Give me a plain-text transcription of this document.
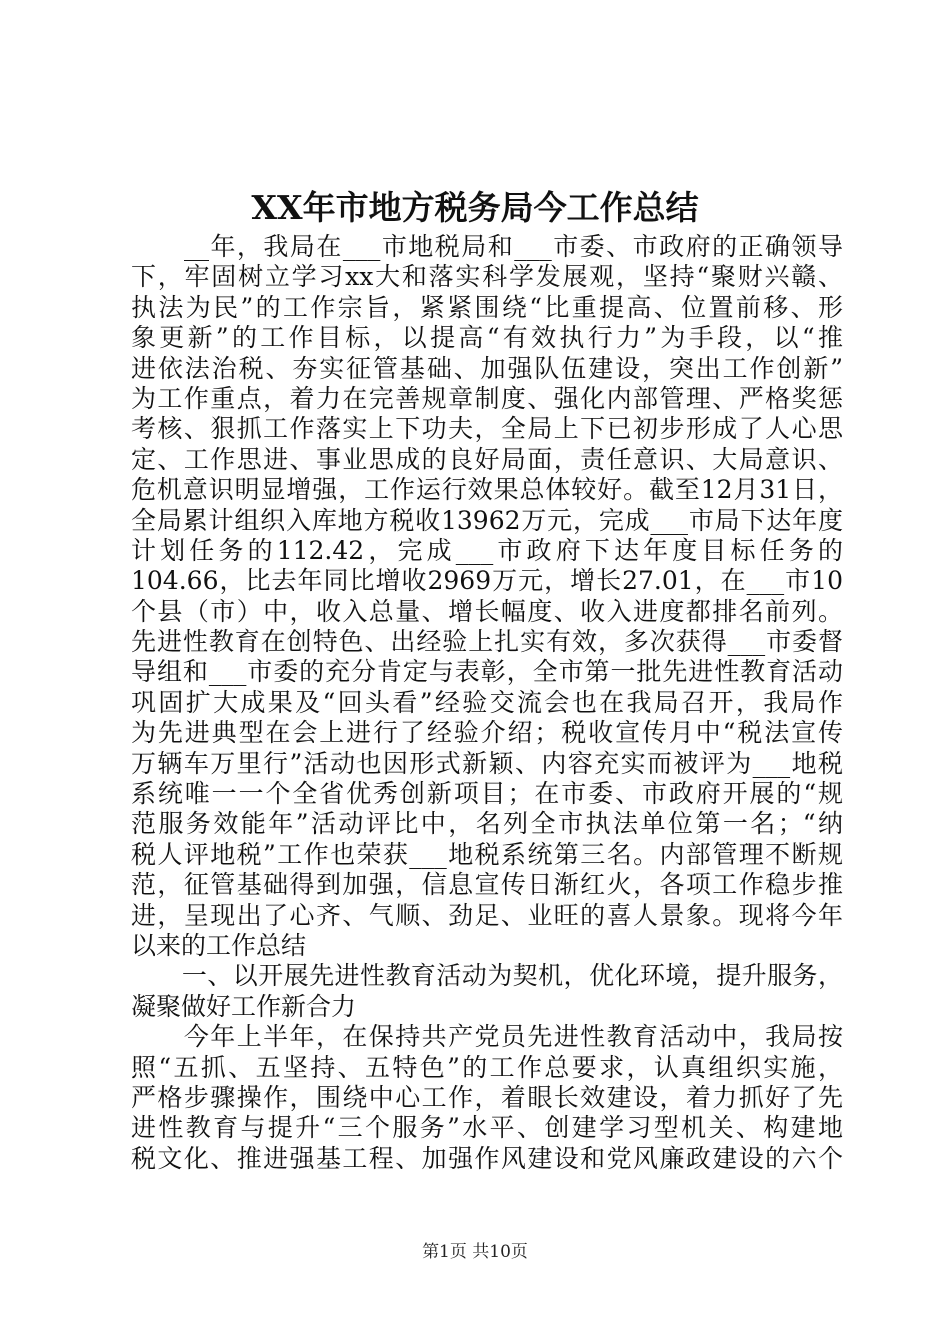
XX年市地方税务局今工作总结
　　__年，我局在___市地税局和___市委、市政府的正确领导
下，牢固树立学习xx大和落实科学发展观，坚持“聚财兴赣、
执法为民”的工作宗旨，紧紧围绕“比重提高、位置前移、形
象更新”的工作目标，以提高“有效执行力”为手段，以“推
进依法治税、夯实征管基础、加强队伍建设，突出工作创新”
为工作重点，着力在完善规章制度、强化内部管理、严格奖惩
考核、狠抓工作落实上下功夫，全局上下已初步形成了人心思
定、工作思进、事业思成的良好局面，责任意识、大局意识、
危机意识明显增强，工作运行效果总体较好。截至12月31日，
全局累计组织入库地方税收13962万元，完成___市局下达年度
计划任务的112.42，完成___市政府下达年度目标任务的
104.66，比去年同比增收2969万元，增长27.01，在___市10
个县（市）中，收入总量、增长幅度、收入进度都排名前列。
先进性教育在创特色、出经验上扎实有效，多次获得___市委督
导组和___市委的充分肯定与表彰，全市第一批先进性教育活动
巩固扩大成果及“回头看”经验交流会也在我局召开，我局作
为先进典型在会上进行了经验介绍；税收宣传月中“税法宣传
万辆车万里行”活动也因形式新颖、内容充实而被评为___地税
系统唯一一个全省优秀创新项目；在市委、市政府开展的“规
范服务效能年”活动评比中，名列全市执法单位第一名；“纳
税人评地税”工作也荣获___地税系统第三名。内部管理不断规
范，征管基础得到加强，信息宣传日渐红火，各项工作稳步推
进，呈现出了心齐、气顺、劲足、业旺的喜人景象。现将今年
以来的工作总结
　　一、以开展先进性教育活动为契机，优化环境，提升服务，
凝聚做好工作新合力
　　今年上半年，在保持共产党员先进性教育活动中，我局按
照“五抓、五坚持、五特色”的工作总要求，认真组织实施，
严格步骤操作，围绕中心工作，着眼长效建设，着力抓好了先
进性教育与提升“三个服务”水平、创建学习型机关、构建地
税文化、推进强基工程、加强作风建设和党风廉政建设的六个
第1页 共10页
